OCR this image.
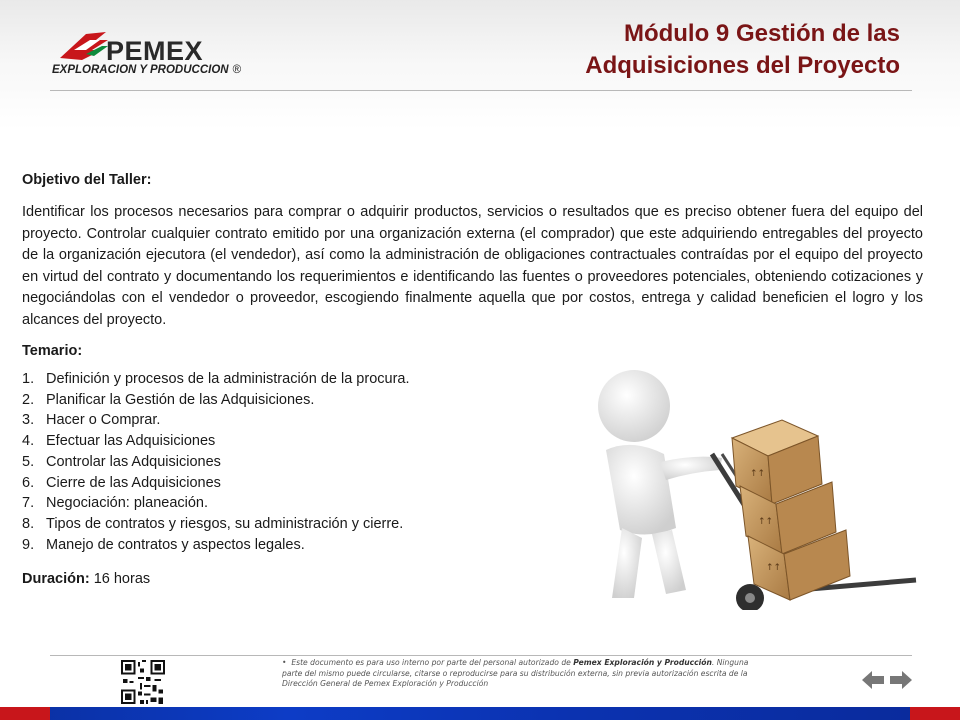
PEMEX
EXPLORACION Y PRODUCCION ®
Módulo 9 Gestión de las
Adquisiciones del Proyecto

Objetivo del Taller:

Identificar los procesos necesarios para comprar o adquirir productos, servicios o resultados que es preciso obtener fuera del equipo del proyecto. Controlar cualquier contrato emitido por una organización externa (el comprador) que este adquiriendo entregables del proyecto de la organización ejecutora (el vendedor), así como la administración de obligaciones contractuales contraídas por el equipo del proyecto en virtud del contrato y documentando los requerimientos e identificando las fuentes o proveedores potenciales, obteniendo cotizaciones y negociándolas con el vendedor o proveedor, escogiendo finalmente aquella que por costos, entrega y calidad beneficien el logro y los alcances del proyecto.

Temario:

1. Definición y procesos de la administración de la procura.
2. Planificar la Gestión de las Adquisiciones.
3. Hacer o Comprar.
4. Efectuar las Adquisiciones
5. Controlar las Adquisiciones
6. Cierre de las Adquisiciones
7. Negociación: planeación.
8. Tipos de contratos y riesgos, su administración y cierre.
9. Manejo de contratos y aspectos legales.

Duración: 16 horas

↑↑
↑↑
↑↑
• Este documento es para uso interno por parte del personal autorizado de Pemex Exploración y Producción. Ninguna parte del mismo puede circularse, citarse o reproducirse para su distribución externa, sin previa autorización escrita de la Dirección General de Pemex Exploración y Producción
